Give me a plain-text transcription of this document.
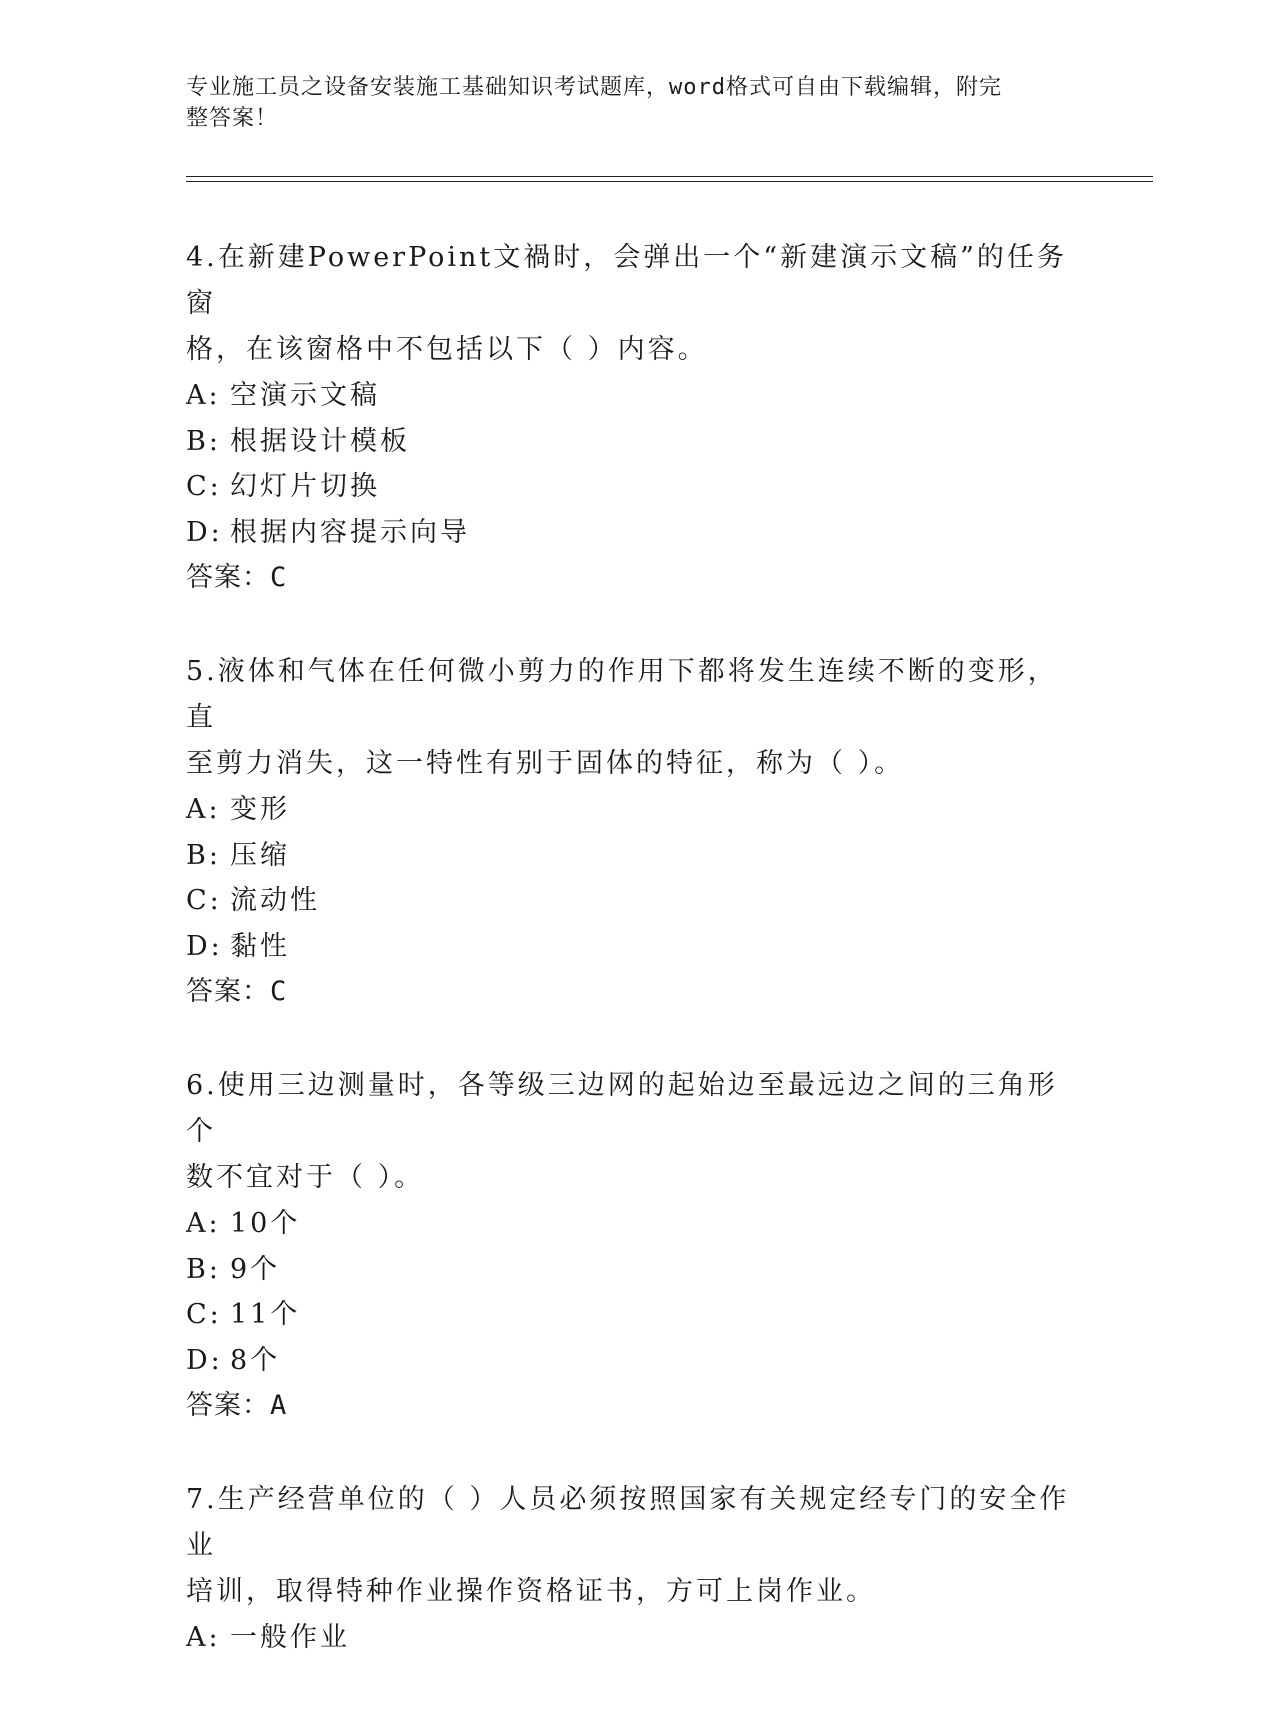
专业施工员之设备安装施工基础知识考试题库，word格式可自由下载编辑，附完
整答案！
4.在新建PowerPoint文禍时，会弹出一个“新建演示文稿”的任务窗
格，在该窗格中不包括以下（ ）内容。
A: 空演示文稿
B: 根据设计模板
C: 幻灯片切换
D: 根据内容提示向导
答案：C
5.液体和气体在任何微小剪力的作用下都将发生连续不断的变形，直
至剪力消失，这一特性有别于固体的特征，称为（ ）。
A: 变形
B: 压缩
C: 流动性
D: 黏性
答案：C
6.使用三边测量时，各等级三边网的起始边至最远边之间的三角形个
数不宜对于（ ）。
A: 10个
B: 9个
C: 11个
D: 8个
答案：A
7.生产经营单位的（ ）人员必须按照国家有关规定经专门的安全作业
培训，取得特种作业操作资格证书，方可上岗作业。
A: 一般作业
